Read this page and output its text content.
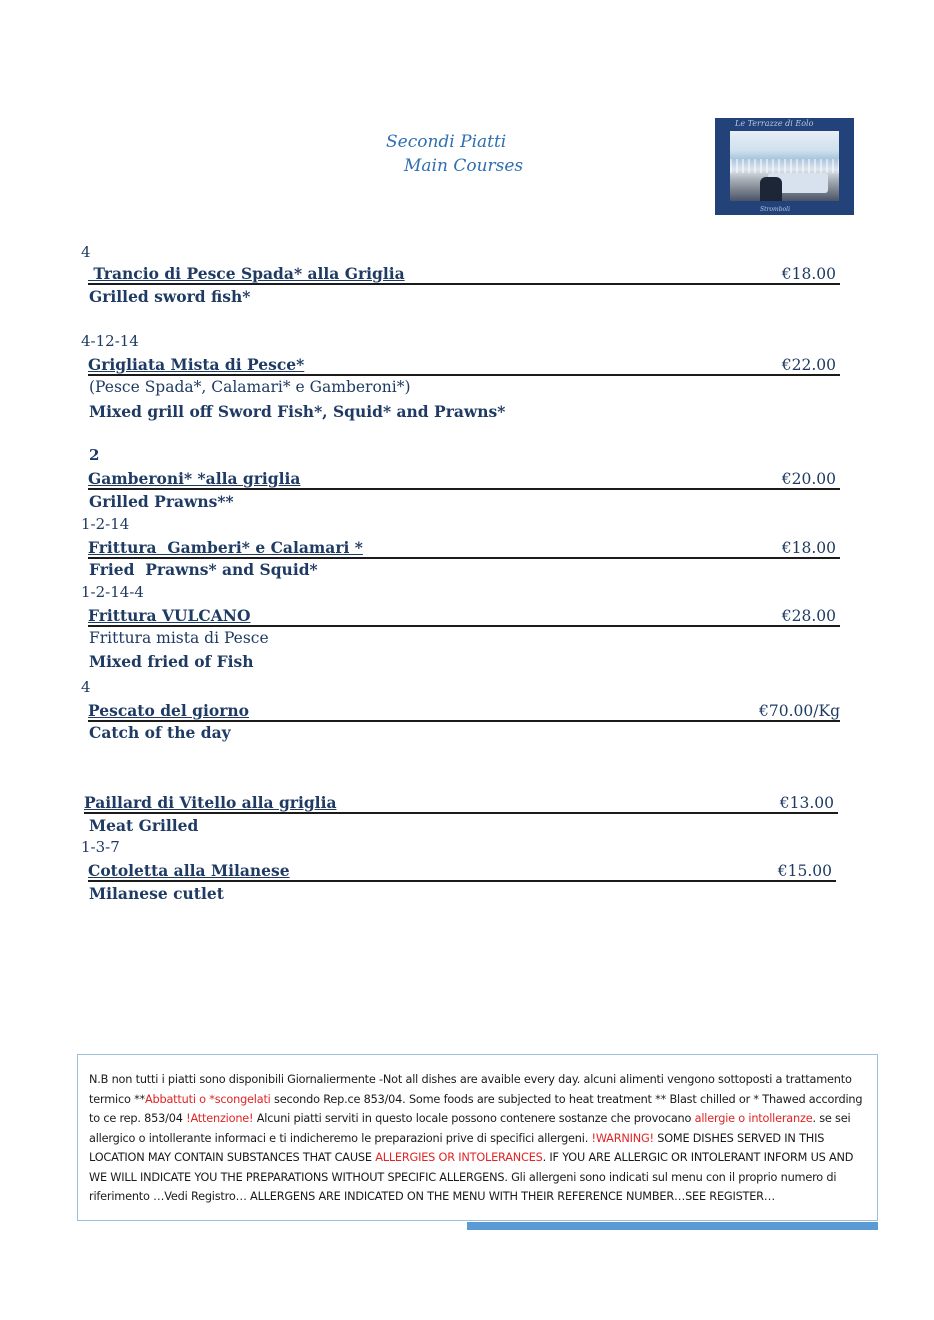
Secondi Piatti
Main Courses
Le Terrazze di Eolo
Stromboli
4
Trancio di Pesce Spada* alla Griglia	€18.00
Grilled sword fish*
4-12-14
Grigliata Mista di Pesce*	€22.00
(Pesce Spada*, Calamari* e Gamberoni*)
Mixed grill off Sword Fish*, Squid* and Prawns*
2
Gamberoni* *alla griglia	€20.00
Grilled Prawns**
1-2-14
Frittura  Gamberi* e Calamari *	€18.00
Fried  Prawns* and Squid*
1-2-14-4
Frittura VULCANO	€28.00
Frittura mista di Pesce
Mixed fried of Fish
4
Pescato del giorno	€70.00/Kg
Catch of the day
Paillard di Vitello alla griglia	€13.00
Meat Grilled
1-3-7
Cotoletta alla Milanese	€15.00
Milanese cutlet
N.B non tutti i piatti sono disponibili Giornaliermente -Not all dishes are avaible every day. alcuni alimenti vengono sottoposti a trattamento termico **Abbattuti o *scongelati secondo Rep.ce 853/04. Some foods are subjected to heat treatment ** Blast chilled or * Thawed according to ce rep. 853/04 !Attenzione! Alcuni piatti serviti in questo locale possono contenere sostanze che provocano allergie o intolleranze. se sei allergico o intollerante informaci e ti indicheremo le preparazioni prive di specifici allergeni. !WARNING! SOME DISHES SERVED IN THIS LOCATION MAY CONTAIN SUBSTANCES THAT CAUSE ALLERGIES OR INTOLERANCES. IF YOU ARE ALLERGIC OR INTOLERANT INFORM US AND WE WILL INDICATE YOU THE PREPARATIONS WITHOUT SPECIFIC ALLERGENS. Gli allergeni sono indicati sul menu con il proprio numero di riferimento …Vedi Registro… ALLERGENS ARE INDICATED ON THE MENU WITH THEIR REFERENCE NUMBER…SEE REGISTER…
